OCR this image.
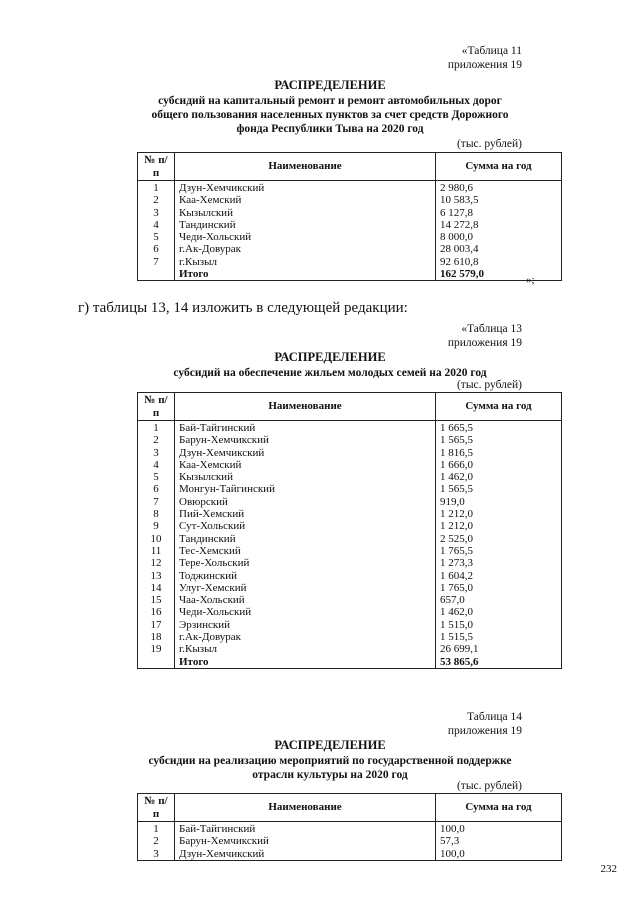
«Таблица 11
приложения 19
РАСПРЕДЕЛЕНИЕ
субсидий на капитальный ремонт и ремонт автомобильных дорог
общего пользования населенных пунктов за счет средств Дорожного
фонда Республики Тыва на 2020 год
(тыс. рублей)
№ п/п	Наименование	Сумма на год
1	Дзун-Хемчикский	2 980,6
2	Каа-Хемский	10 583,5
3	Кызылский	6 127,8
4	Тандинский	14 272,8
5	Чеди-Хольский	8 000,0
6	г.Ак-Довурак	28 003,4
7	г.Кызыл	92 610,8
	Итого	162 579,0	»;
г) таблицы 13, 14 изложить в следующей редакции:
«Таблица 13
приложения 19
РАСПРЕДЕЛЕНИЕ
субсидий на обеспечение жильем молодых семей на 2020 год
(тыс. рублей)
№ п/п	Наименование	Сумма на год
1	Бай-Тайгинский	1 665,5
2	Барун-Хемчикский	1 565,5
3	Дзун-Хемчикский	1 816,5
4	Каа-Хемский	1 666,0
5	Кызылский	1 462,0
6	Монгун-Тайгинский	1 565,5
7	Овюрский	919,0
8	Пий-Хемский	1 212,0
9	Сут-Хольский	1 212,0
10	Тандинский	2 525,0
11	Тес-Хемский	1 765,5
12	Тере-Хольский	1 273,3
13	Тоджинский	1 604,2
14	Улуг-Хемский	1 765,0
15	Чаа-Хольский	657,0
16	Чеди-Хольский	1 462,0
17	Эрзинский	1 515,0
18	г.Ак-Довурак	1 515,5
19	г.Кызыл	26 699,1
	Итого	53 865,6
Таблица 14
приложения 19
РАСПРЕДЕЛЕНИЕ
субсидии на реализацию мероприятий по государственной поддержке
отрасли культуры на 2020 год
(тыс. рублей)
№ п/п	Наименование	Сумма на год
1	Бай-Тайгинский	100,0
2	Барун-Хемчикский	57,3
3	Дзун-Хемчикский	100,0
232
